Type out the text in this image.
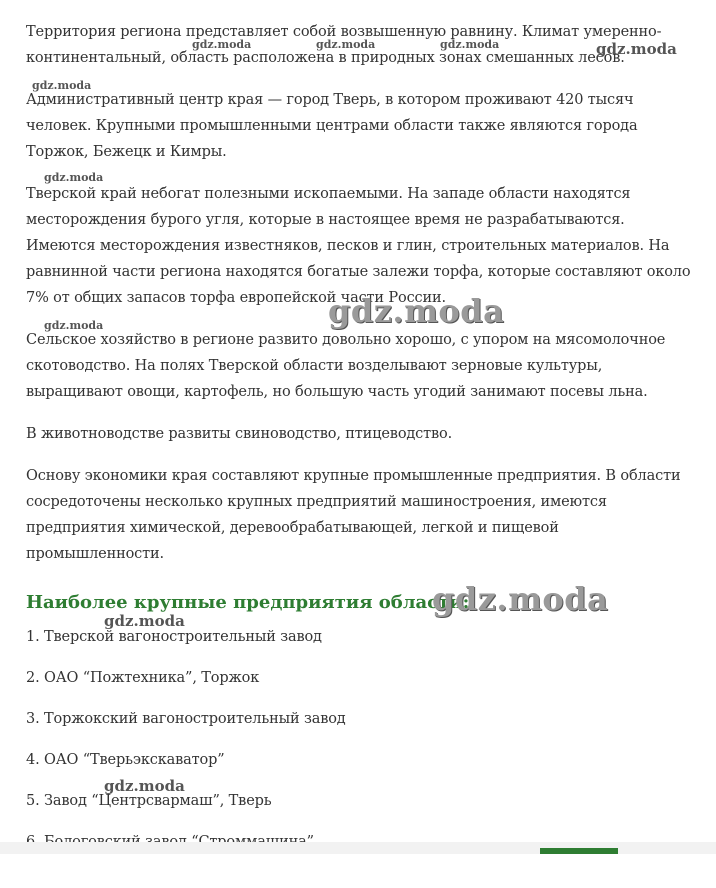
Территория региона представляет собой возвышенную равнину. Климат умеренно-континентальный, область расположена в природных зонах смешанных лесов.

Административный центр края — город Тверь, в котором проживают 420 тысяч человек. Крупными промышленными центрами области также являются города Торжок, Бежецк и Кимры.

Тверской край небогат полезными ископаемыми. На западе области находятся месторождения бурого угля, которые в настоящее время не разрабатываются. Имеются месторождения известняков, песков и глин, строительных материалов. На равнинной части региона находятся богатые залежи торфа, которые составляют около 7% от общих запасов торфа европейской части России.

Сельское хозяйство в регионе развито довольно хорошо, с упором на мясомолочное скотоводство. На полях Тверской области возделывают зерновые культуры, выращивают овощи, картофель, но большую часть угодий занимают посевы льна.

В животноводстве развиты свиноводство, птицеводство.

Основу экономики края составляют крупные промышленные предприятия. В области сосредоточены несколько крупных предприятий машиностроения, имеются предприятия химической, деревообрабатывающей, легкой и пищевой промышленности.

Наиболее крупные предприятия области:
1. Тверской вагоностроительный завод
2. ОАО “Пожтехника”, Торжок
3. Торжокский вагоностроительный завод
4. ОАО “Тверьэкскаватор”
5. Завод “Центрсвармаш”, Тверь
gdz.moda	gdz.moda	gdz.moda	gdz.moda
gdz.moda
gdz.moda
gdz.moda
gdz.moda
gdz.moda
gdz.moda
gdz.moda
